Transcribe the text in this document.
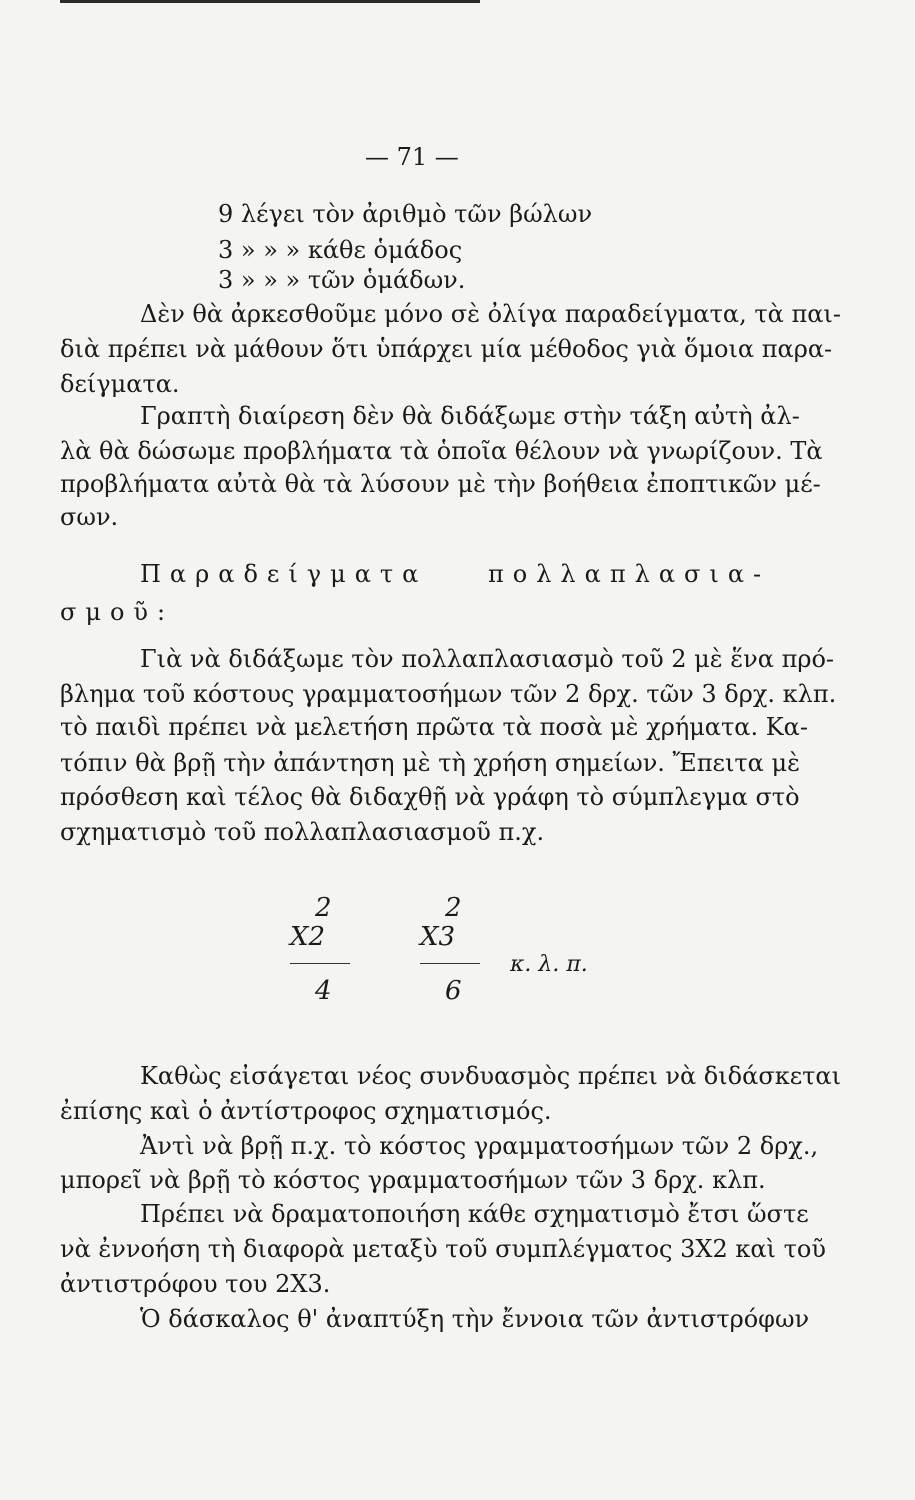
— 71 —
9 λέγει τὸν ἀριθμὸ τῶν βώλων
3 » » » κάθε ὁμάδος
3 » » » τῶν ὁμάδων.
Δὲν θὰ ἀρκεσθοῦμε μόνο σὲ ὀλίγα παραδείγματα, τὰ παι-
διὰ πρέπει νὰ μάθουν ὅτι ὑπάρχει μία μέθοδος γιὰ ὅμοια παρα-
δείγματα.
Γραπτὴ διαίρεση δὲν θὰ διδάξωμε στὴν τάξη αὐτὴ ἀλ-
λὰ θὰ δώσωμε προβλήματα τὰ ὁποῖα θέλουν νὰ γνωρίζουν. Τὰ
προβλήματα αὐτὰ θὰ τὰ λύσουν μὲ τὴν βοήθεια ἐποπτικῶν μέ-
σων.
Παραδείγματα	πολλαπλασια-
σμοῦ:
Γιὰ νὰ διδάξωμε τὸν πολλαπλασιασμὸ τοῦ 2 μὲ ἕνα πρό-
βλημα τοῦ κόστους γραμματοσήμων τῶν 2 δρχ. τῶν 3 δρχ. κλπ.
τὸ παιδὶ πρέπει νὰ μελετήση πρῶτα τὰ ποσὰ μὲ χρήματα. Κα-
τόπιν θὰ βρῇ τὴν ἀπάντηση μὲ τὴ χρήση σημείων. Ἔπειτα μὲ
πρόσθεση καὶ τέλος θὰ διδαχθῇ νὰ γράφη τὸ σύμπλεγμα στὸ
σχηματισμὸ τοῦ πολλαπλασιασμοῦ π.χ.
2
X2
4
2
X3
6
κ. λ. π.
Καθὼς εἰσάγεται νέος συνδυασμὸς πρέπει νὰ διδάσκεται
ἐπίσης καὶ ὁ ἀντίστροφος σχηματισμός.
Ἀντὶ νὰ βρῇ π.χ. τὸ κόστος γραμματοσήμων τῶν 2 δρχ.,
μπορεῖ νὰ βρῇ τὸ κόστος γραμματοσήμων τῶν 3 δρχ. κλπ.
Πρέπει νὰ δραματοποιήση κάθε σχηματισμὸ ἔτσι ὥστε
νὰ ἐννοήση τὴ διαφορὰ μεταξὺ τοῦ συμπλέγματος 3Χ2 καὶ τοῦ
ἀντιστρόφου του 2Χ3.
Ὁ δάσκαλος θ' ἀναπτύξη τὴν ἔννοια τῶν ἀντιστρόφων
